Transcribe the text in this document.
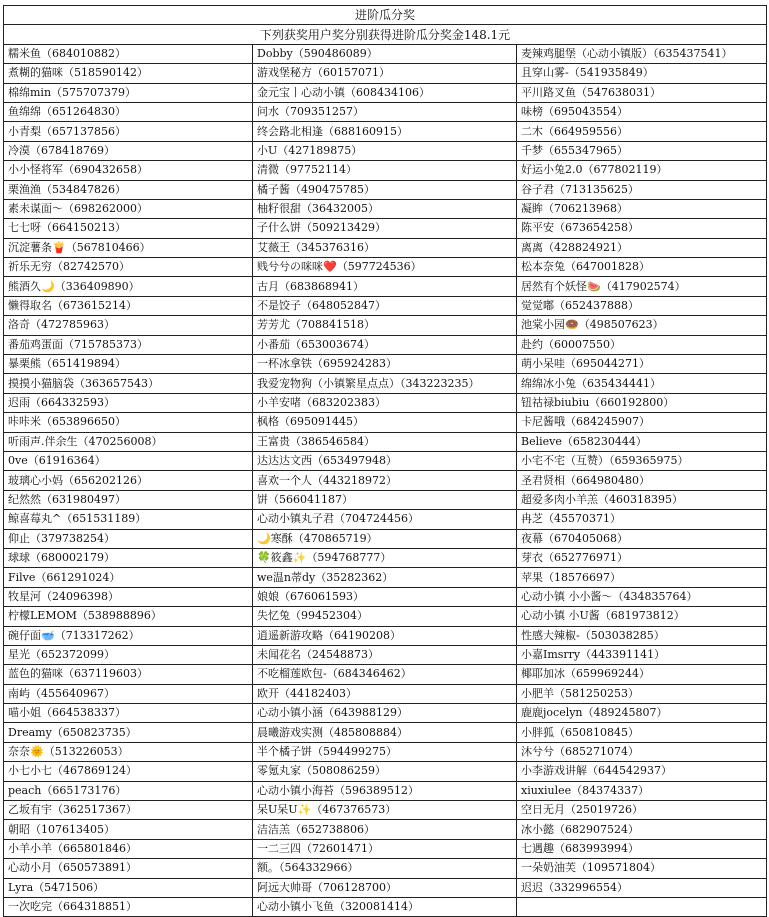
进阶瓜分奖		
下列获奖用户奖分别获得进阶瓜分奖金148.1元		
糯米鱼（684010882）	Dobby（590486089）	麦辣鸡腿堡（心动小镇版）（635437541）
煮糊的猫咪（518590142）	游戏堡秘方（60157071）	且穿山雾-（541935849）
棉绵min（575707379）	金元宝丨心动小镇（608434106）	平川路叉鱼（547638031）
鱼绵绵（651264830）	问水（709351257）	味榜（695043554）
小青梨（657137856）	终会路北相逢（688160915）	二木（664959556）
冷漠（678418769）	小U（427189875）	千梦（655347965）
小小怪将军（690432658）	清微（97752114）	好运小兔2.0（677802119）
栗渔渔（534847826）	橘子酱（490475785）	谷子君（713135625）
素未谋面～（698262000）	柚籽很甜（36432005）	凝眸（706213968）
七七呀（664150213）	子什么饼（509213429）	陈平安（673654258）
沉淀薯条🍟（567810466）	艾薇王（345376316）	离离（428824921）
祈乐无穷（82742570）	贱兮兮の咪咪❤️（597724536）	松本奈兔（647001828）
熊酒久🌙（336409890）	古月（683868941）	居然有个妖怪🍉（417902574）
懒得取名（673615214）	不是饺子（648052847）	觉觉嘟（652437888）
洛奇（472785963）	芳芳尤（708841518）	池棠小园🍩（498507623）
番茄鸡蛋面（715785373）	小番茄（653003674）	赴约（60007550）
暴栗熊（651419894）	一杯冰拿铁（695924283）	萌小呆哇（695044271）
摸摸小猫脑袋（363657543）	我爱宠物狗（小镇繁星点点）（343223235）	绵绵冰小兔（635434441）
迟雨（664332593）	小羊安啫（683202383）	钮祜禄biubiu（660192800）
咔咔米（653896650）	枫格（695091445）	卡尼酱哦（684245907）
听雨声.伴余生（470256008）	王富贵（386546584）	Believe（658230444）
0ve（61916364）	达达达文西（653497948）	小宅不宅（互赞）（659365975）
玻璃心小妈（656202126）	喜欢一个人（443218972）	圣君贤相（664980480）
纪然然（631980497）	饼（566041187）	超爱多肉小羊羔（460318395）
鲸喜莓丸^（651531189）	心动小镇丸子君（704724456）	冉芝（45570371）
仰止（379738254）	🌙寒酥（470865719）	夜幕（670405068）
球球（680002179）	🍀筱鑫✨（594768777）	芽衣（652776971）
Filve（661291024）	we温n蒂dy（35282362）	苹果（18576697）
牧星河（24096398）	娘娘（676061593）	心动小镇 小小酱～（434835764）
柠檬LEMOM（538988896）	失忆兔（99452304）	心动小镇 小U酱（681973812）
碗仔面🥣（713317262）	逍遥新游攻略（64190208）	性感大辣椒-（503038285）
星光（652372099）	未闻花名（24548873）	小嘉Imsrry（443391141）
蓝色的猫咪（637119603）	不吃榴莲欧包-（684346462）	椰耶加冰（659969244）
南屿（455640967）	欧开（44182403）	小肥羊（581250253）
喵小姐（664538337）	心动小镇小涵（643988129）	鹿鹿jocelyn（489245807）
Dreamy（650823735）	晨曦游戏实测（485808884）	小胖狐（650810845）
奈奈🌞（513226053）	半个橘子饼（594499275）	沐兮兮（685271074）
小七小七（467869124）	零氪丸家（508086259）	小李游戏讲解（644542937）
peach（665173176）	心动小镇小海苔（596389512）	xiuxiulee（84374337）
乙坂有宇（362517367）	呆U呆U✨（467376573）	空日无月（25019726）
朝昭（107613405）	洁洁羔（652738806）	冰小懿（682907524）
小羊小羊（665801846）	一二三四（72601471）	七遇趣（683993994）
心动小月（650573891）	额。（564332966）	一朵奶油芙（109571804）
Lyra（5471506）	阿远大帅哥（706128700）	迟迟（332996554）
一次吃完（664318851）	心动小镇小飞鱼（320081414）	
